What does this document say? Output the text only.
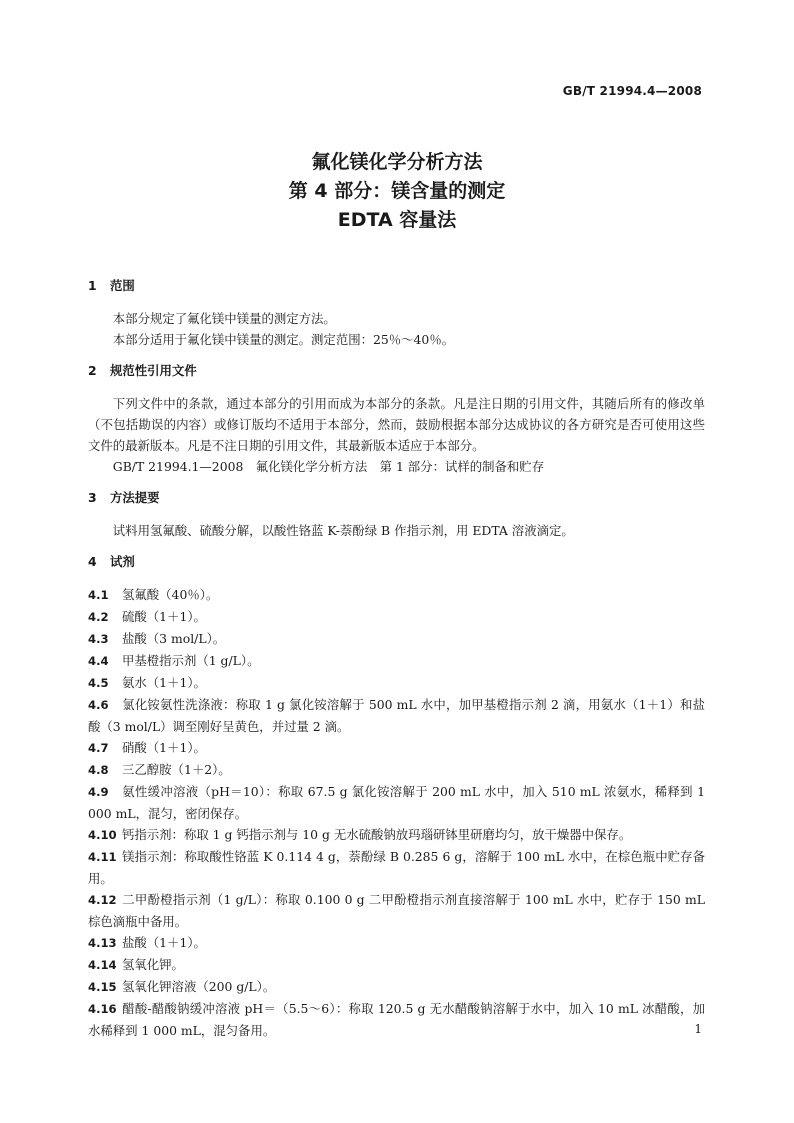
GB/T 21994.4—2008
氟化镁化学分析方法
第 4 部分：镁含量的测定
EDTA 容量法
1 范围
本部分规定了氟化镁中镁量的测定方法。
本部分适用于氟化镁中镁量的测定。测定范围：25％～40％。
2 规范性引用文件
下列文件中的条款，通过本部分的引用而成为本部分的条款。凡是注日期的引用文件，其随后所有的修改单（不包括勘误的内容）或修订版均不适用于本部分，然而，鼓励根据本部分达成协议的各方研究是否可使用这些文件的最新版本。凡是不注日期的引用文件，其最新版本适应于本部分。
GB/T 21994.1—2008　氟化镁化学分析方法　第 1 部分：试样的制备和贮存
3 方法提要
试料用氢氟酸、硫酸分解，以酸性铬蓝 K-萘酚绿 B 作指示剂，用 EDTA 溶液滴定。
4 试剂
4.1 氢氟酸（40％）。
4.2 硫酸（1＋1）。
4.3 盐酸（3 mol/L）。
4.4 甲基橙指示剂（1 g/L）。
4.5 氨水（1＋1）。
4.6 氯化铵氨性洗涤液：称取 1 g 氯化铵溶解于 500 mL 水中，加甲基橙指示剂 2 滴，用氨水（1＋1）和盐酸（3 mol/L）调至刚好呈黄色，并过量 2 滴。
4.7 硝酸（1＋1）。
4.8 三乙醇胺（1＋2）。
4.9 氨性缓冲溶液（pH＝10）：称取 67.5 g 氯化铵溶解于 200 mL 水中，加入 510 mL 浓氨水，稀释到 1 000 mL，混匀，密闭保存。
4.10 钙指示剂：称取 1 g 钙指示剂与 10 g 无水硫酸钠放玛瑙研钵里研磨均匀，放干燥器中保存。
4.11 镁指示剂：称取酸性铬蓝 K 0.114 4 g，萘酚绿 B 0.285 6 g，溶解于 100 mL 水中，在棕色瓶中贮存备用。
4.12 二甲酚橙指示剂（1 g/L）：称取 0.100 0 g 二甲酚橙指示剂直接溶解于 100 mL 水中，贮存于 150 mL 棕色滴瓶中备用。
4.13 盐酸（1＋1）。
4.14 氢氧化钾。
4.15 氢氧化钾溶液（200 g/L）。
4.16 醋酸-醋酸钠缓冲溶液 pH＝（5.5～6）：称取 120.5 g 无水醋酸钠溶解于水中，加入 10 mL 冰醋酸，加水稀释到 1 000 mL，混匀备用。	1
